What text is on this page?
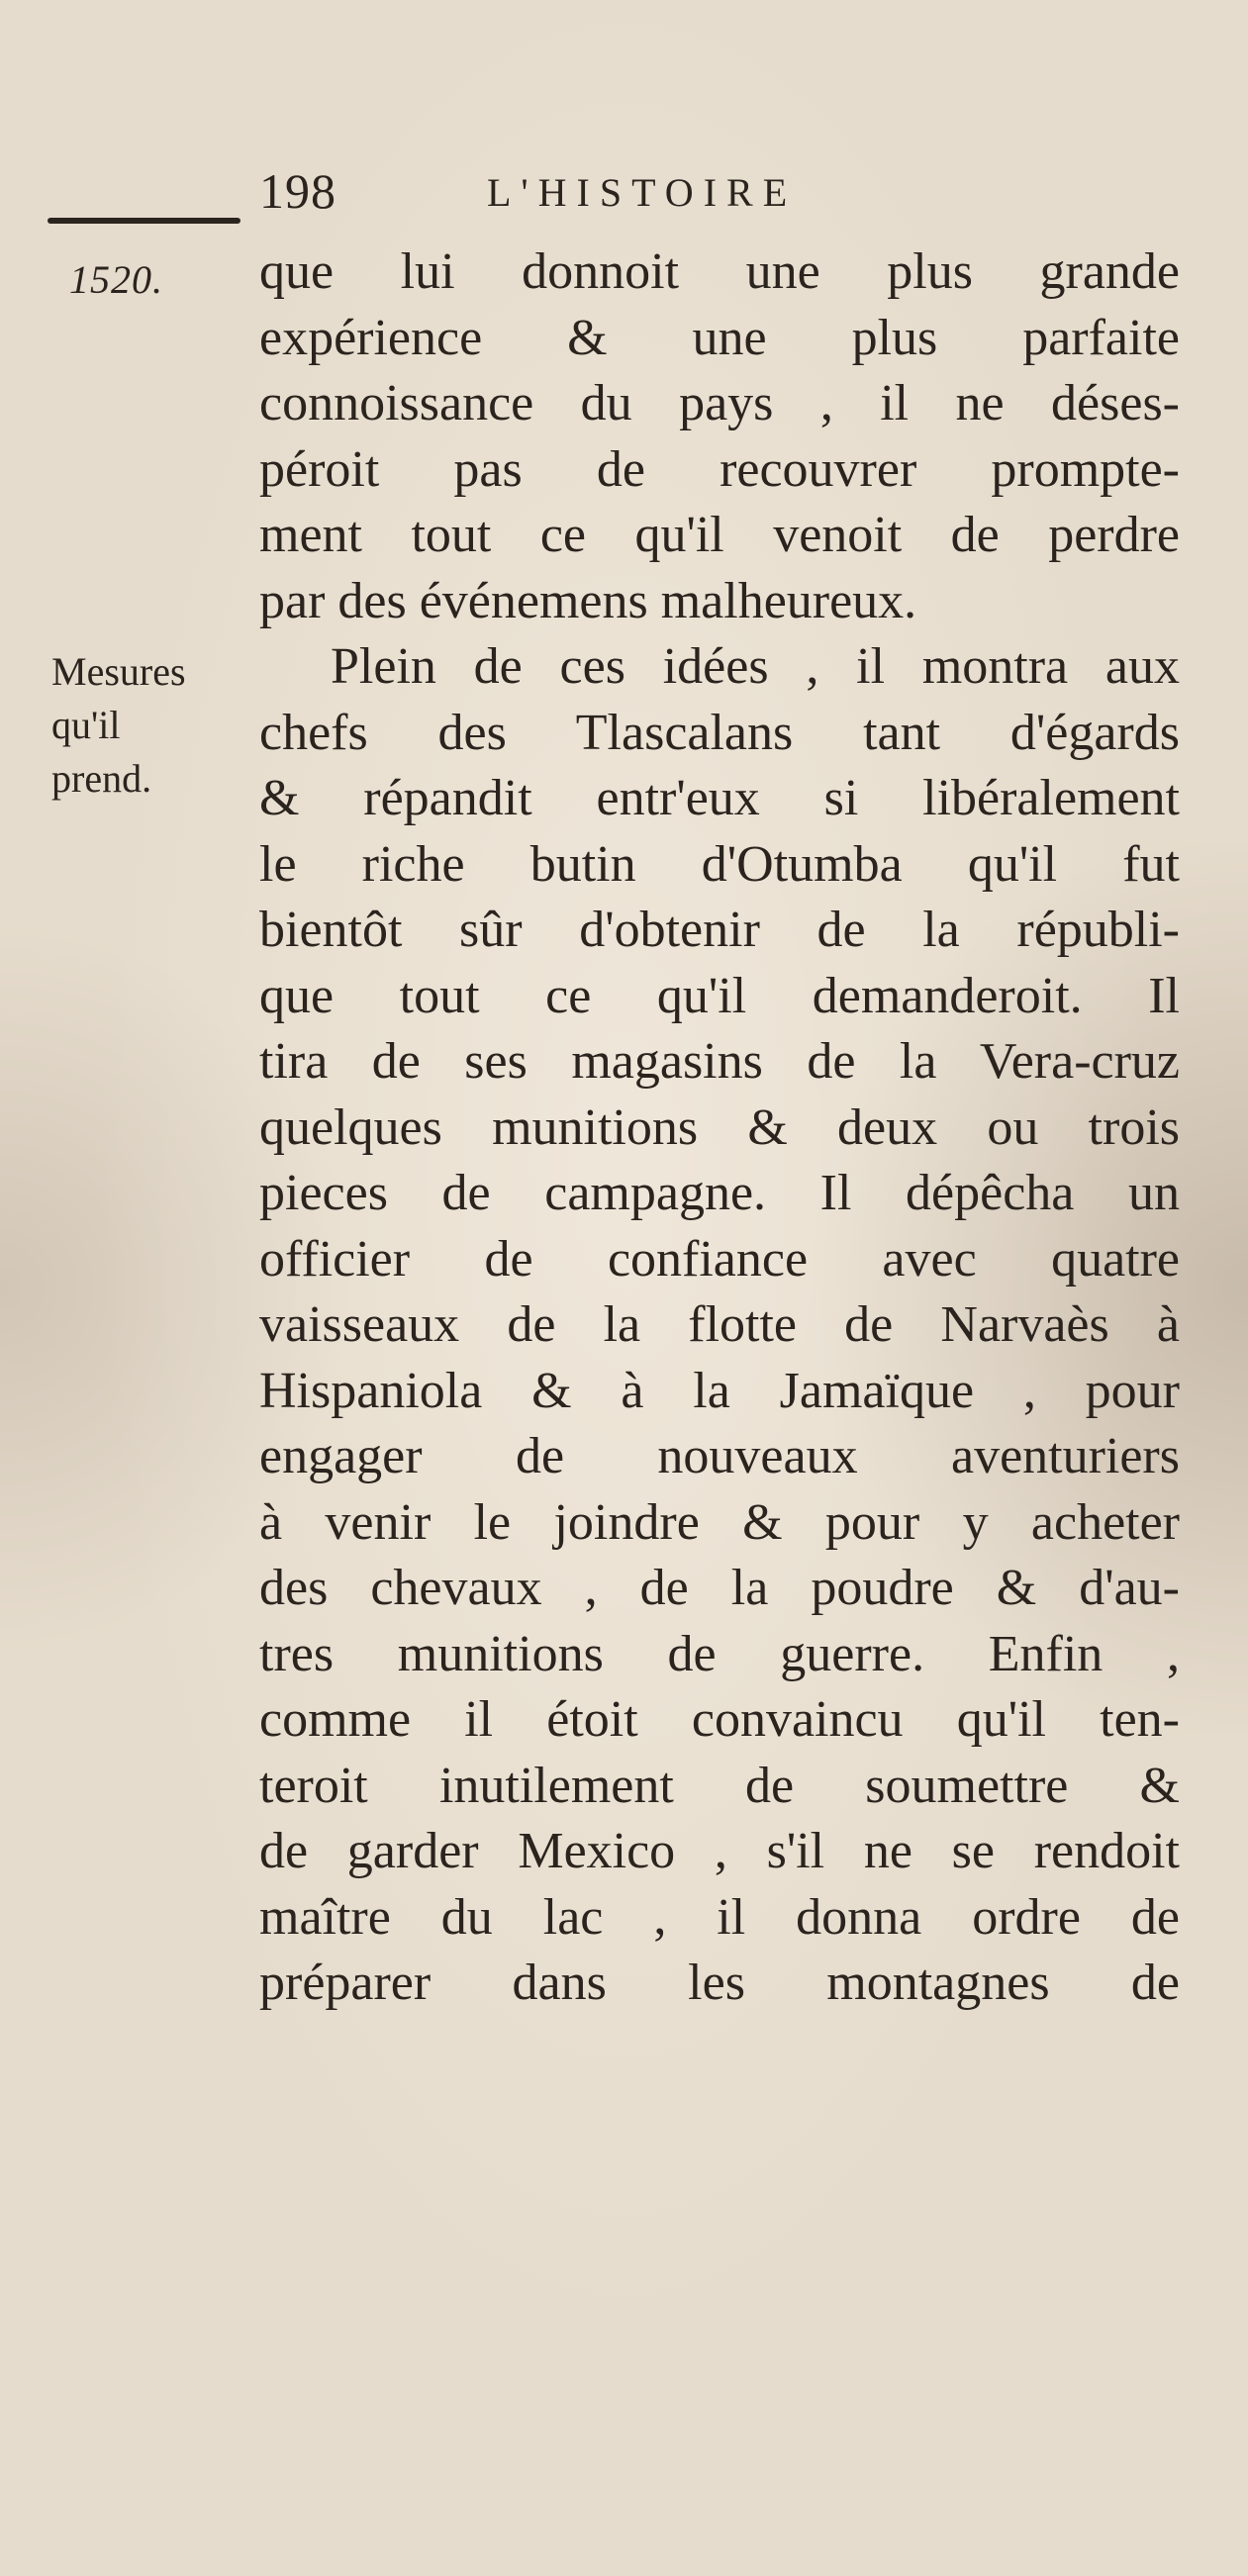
198	L'HISTOIRE
1520.
Mesures
qu'il
prend.
que lui donnoit une plus grande
expérience & une plus parfaite
connoissance du pays , il ne déses-
péroit pas de recouvrer prompte-
ment tout ce qu'il venoit de perdre
par des événemens malheureux.
Plein de ces idées , il montra aux
chefs des Tlascalans tant d'égards
& répandit entr'eux si libéralement
le riche butin d'Otumba qu'il fut
bientôt sûr d'obtenir de la républi-
que tout ce qu'il demanderoit. Il
tira de ses magasins de la Vera-cruz
quelques munitions & deux ou trois
pieces de campagne. Il dépêcha un
officier de confiance avec quatre
vaisseaux de la flotte de Narvaès à
Hispaniola & à la Jamaïque , pour
engager de nouveaux aventuriers
à venir le joindre & pour y acheter
des chevaux , de la poudre & d'au-
tres munitions de guerre. Enfin ,
comme il étoit convaincu qu'il ten-
teroit inutilement de soumettre &
de garder Mexico , s'il ne se rendoit
maître du lac , il donna ordre de
préparer dans les montagnes de
